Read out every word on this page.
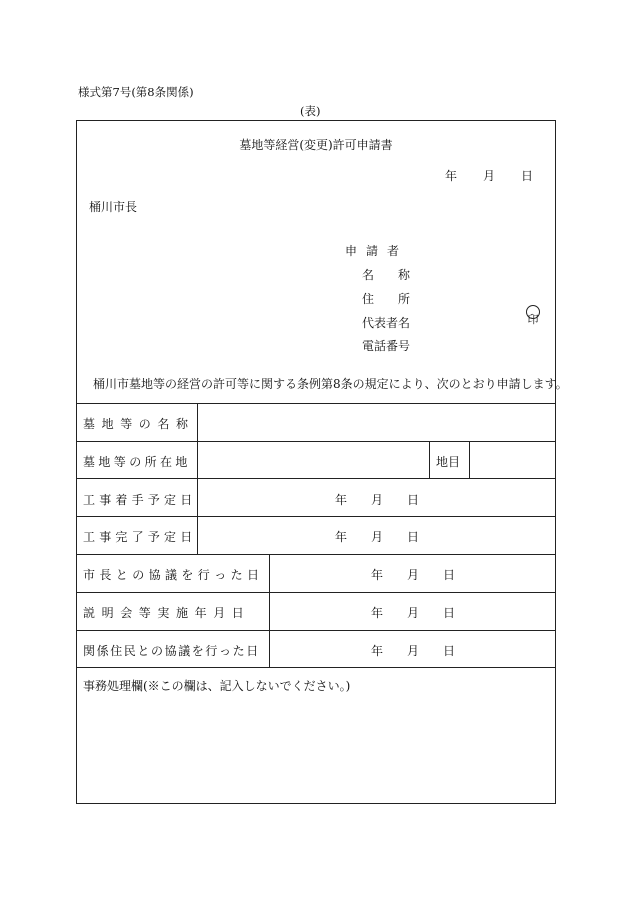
様式第7号(第8条関係)
(表)
墓地等経営(変更)許可申請書
年 月 日
桶川市長
申請者
名　　称
住　　所
代表者名
電話番号
印
桶川市墓地等の経営の許可等に関する条例第8条の規定により、次のとおり申請します。
墓地等の名称
墓地等の所在地	地目
工事着手予定日	年 月 日
工事完了予定日	年 月 日
市長との協議を行った日	年 月 日
説明会等実施年月日	年 月 日
関係住民との協議を行った日	年 月 日
事務処理欄(※この欄は、記入しないでください。)
